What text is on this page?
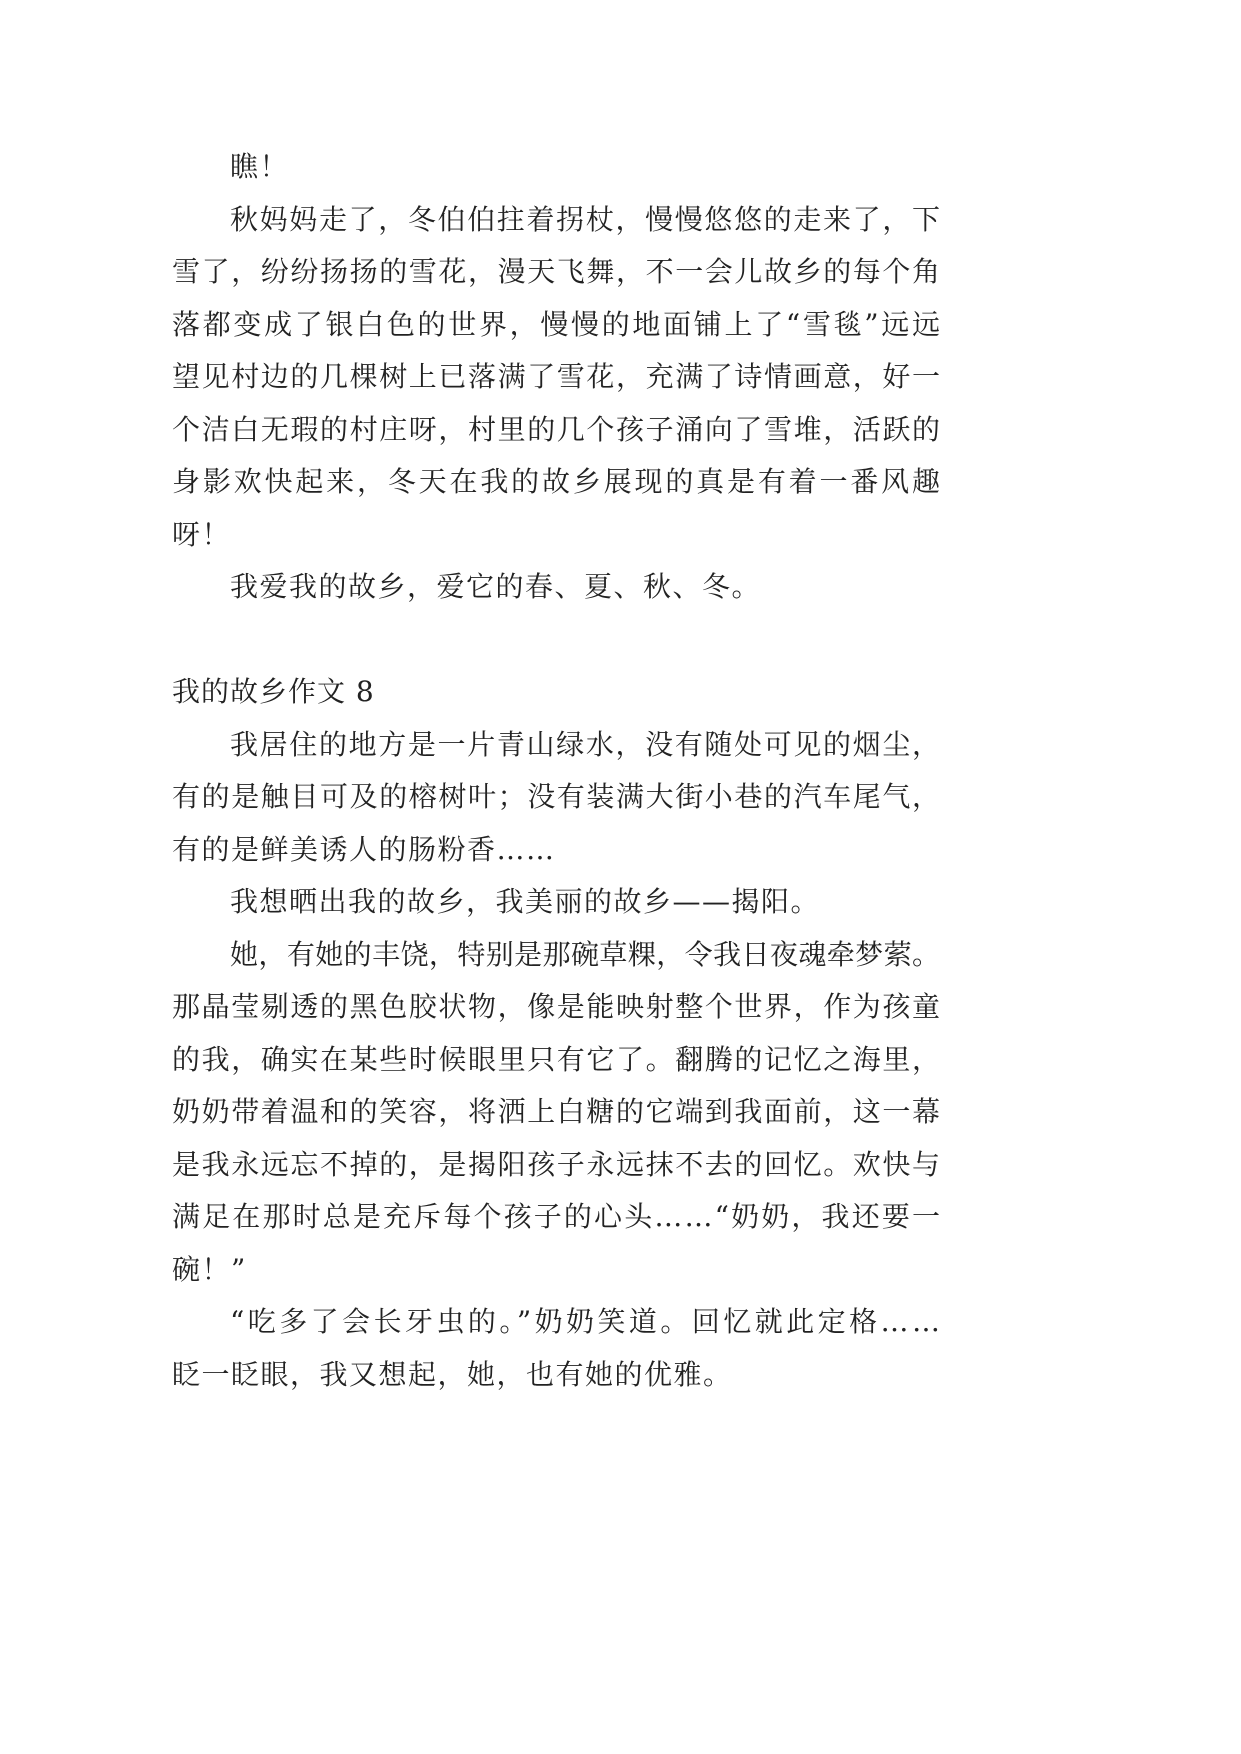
瞧！
秋妈妈走了，冬伯伯拄着拐杖，慢慢悠悠的走来了，下
雪了，纷纷扬扬的雪花，漫天飞舞，不一会儿故乡的每个角
落都变成了银白色的世界，慢慢的地面铺上了“雪毯”远远
望见村边的几棵树上已落满了雪花，充满了诗情画意，好一
个洁白无瑕的村庄呀，村里的几个孩子涌向了雪堆，活跃的
身影欢快起来，冬天在我的故乡展现的真是有着一番风趣
呀！
我爱我的故乡，爱它的春、夏、秋、冬。
我的故乡作文 8
我居住的地方是一片青山绿水，没有随处可见的烟尘，
有的是触目可及的榕树叶；没有装满大街小巷的汽车尾气，
有的是鲜美诱人的肠粉香……
我想晒出我的故乡，我美丽的故乡——揭阳。
她，有她的丰饶，特别是那碗草粿，令我日夜魂牵梦萦。
那晶莹剔透的黑色胶状物，像是能映射整个世界，作为孩童
的我，确实在某些时候眼里只有它了。翻腾的记忆之海里，
奶奶带着温和的笑容，将洒上白糖的它端到我面前，这一幕
是我永远忘不掉的，是揭阳孩子永远抹不去的回忆。欢快与
满足在那时总是充斥每个孩子的心头……“奶奶，我还要一
碗！”
“吃多了会长牙虫的。”奶奶笑道。回忆就此定格……
眨一眨眼，我又想起，她，也有她的优雅。
